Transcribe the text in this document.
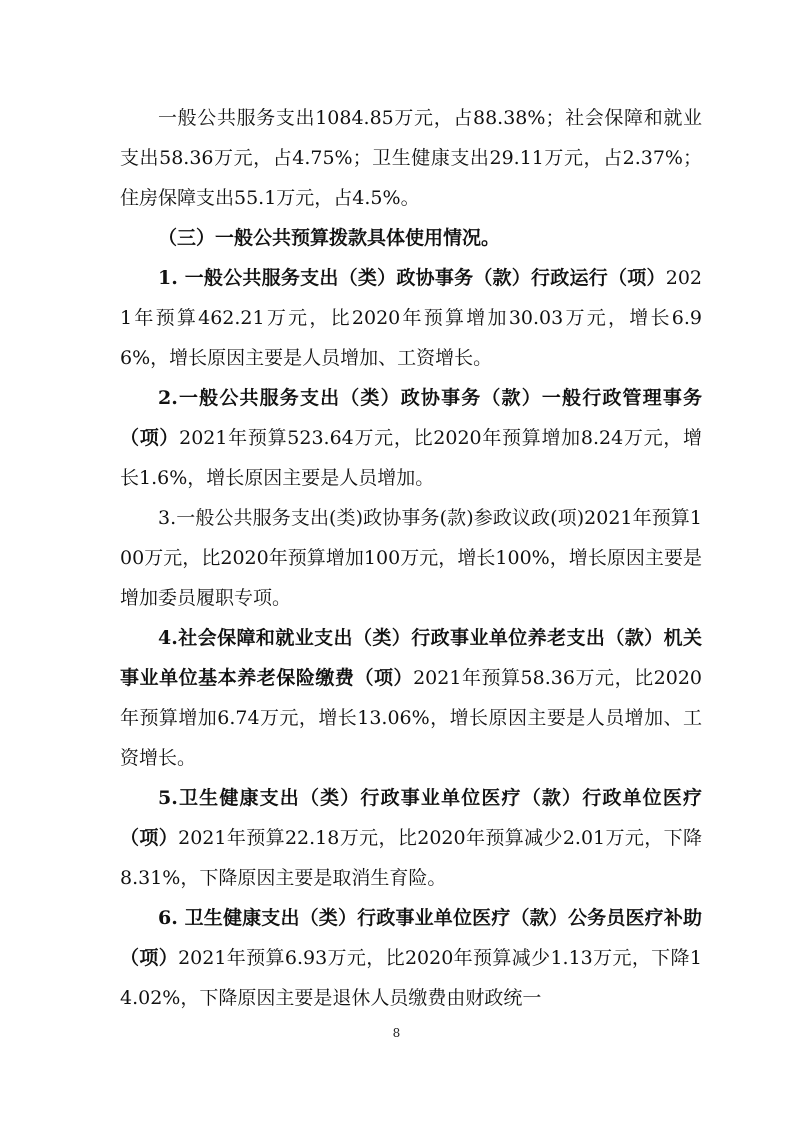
一般公共服务支出1084.85万元，占88.38%；社会保障和就业支出58.36万元，占4.75%；卫生健康支出29.11万元，占2.37%；住房保障支出55.1万元，占4.5%。

（三）一般公共预算拨款具体使用情况。

1. 一般公共服务支出（类）政协事务（款）行政运行（项）2021年预算462.21万元，比2020年预算增加30.03万元，增长6.96%，增长原因主要是人员增加、工资增长。

2.一般公共服务支出（类）政协事务（款）一般行政管理事务（项）2021年预算523.64万元，比2020年预算增加8.24万元，增长1.6%，增长原因主要是人员增加。

3.一般公共服务支出(类)政协事务(款)参政议政(项)2021年预算100万元，比2020年预算增加100万元，增长100%，增长原因主要是增加委员履职专项。

4.社会保障和就业支出（类）行政事业单位养老支出（款）机关事业单位基本养老保险缴费（项）2021年预算58.36万元，比2020年预算增加6.74万元，增长13.06%，增长原因主要是人员增加、工资增长。

5.卫生健康支出（类）行政事业单位医疗（款）行政单位医疗（项）2021年预算22.18万元，比2020年预算减少2.01万元，下降8.31%，下降原因主要是取消生育险。

6. 卫生健康支出（类）行政事业单位医疗（款）公务员医疗补助（项）2021年预算6.93万元，比2020年预算减少1.13万元，下降14.02%，下降原因主要是退休人员缴费由财政统一

8
